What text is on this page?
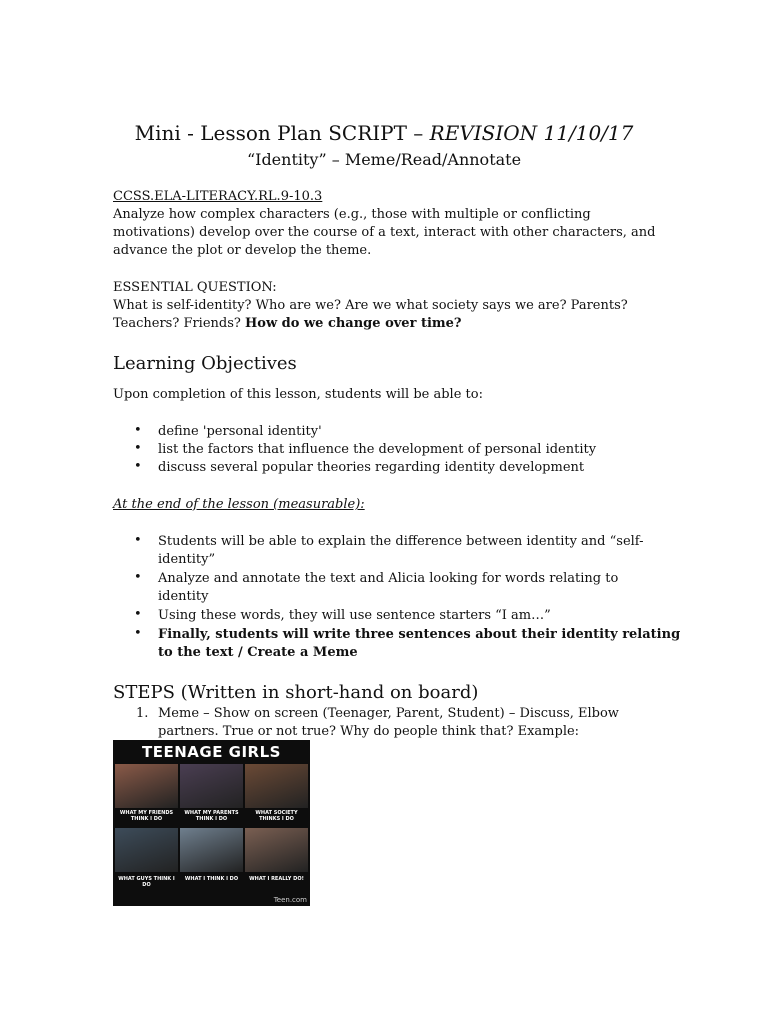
Mini - Lesson Plan SCRIPT – REVISION 11/10/17
“Identity” – Meme/Read/Annotate
CCSS.ELA-LITERACY.RL.9-10.3
Analyze how complex characters (e.g., those with multiple or conflicting
motivations) develop over the course of a text, interact with other characters, and
advance the plot or develop the theme.
ESSENTIAL QUESTION:
What is self-identity? Who are we? Are we what society says we are? Parents?
Teachers? Friends? How do we change over time?
Learning Objectives
Upon completion of this lesson, students will be able to:
• define 'personal identity'
• list the factors that influence the development of personal identity
• discuss several popular theories regarding identity development
At the end of the lesson (measurable):
• Students will be able to explain the difference between identity and “self-
identity”
• Analyze and annotate the text and Alicia looking for words relating to
identity
• Using these words, they will use sentence starters “I am…”
• Finally, students will write three sentences about their identity relating
to the text / Create a Meme
STEPS (Written in short-hand on board)
1. Meme – Show on screen (Teenager, Parent, Student) – Discuss, Elbow
partners. True or not true? Why do people think that? Example:
TEENAGE GIRLS
WHAT MY FRIENDS THINK I DO
WHAT MY PARENTS THINK I DO
WHAT SOCIETY THINKS I DO
WHAT GUYS THINK I DO
WHAT I THINK I DO	WHAT I REALLY DO!
Teen.com
